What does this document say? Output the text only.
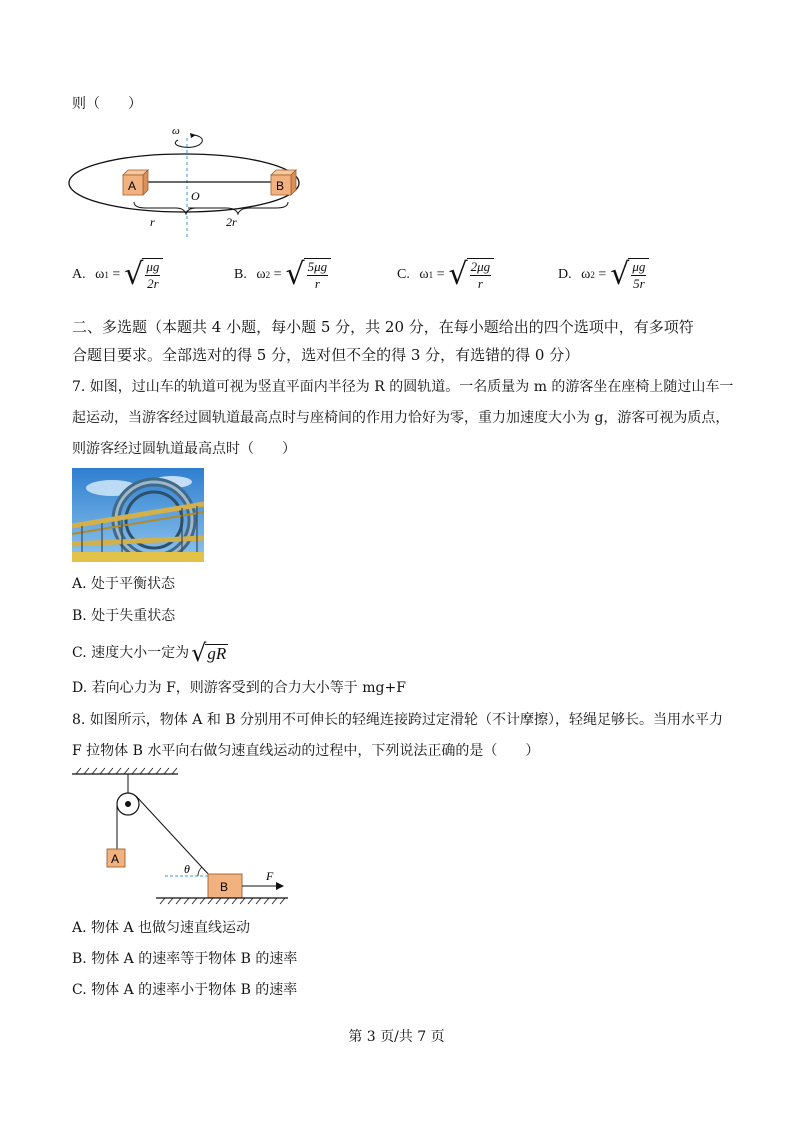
则（　　）
ω
A	B
O
r	2r
A.
ω 1 = √ $\frac{\mu g}{2r}$	B.
ω 2 = √ $\frac{5\mu g}{r}$	C.
ω 1 = √ $\frac{2\mu g}{r}$	D.
ω 2 = √ $\frac{\mu g}{5r}$
二、多选题（本题共 4 小题，每小题 5 分，共 20 分，在每小题给出的四个选项中，有多项符
合题目要求。全部选对的得 5 分，选对但不全的得 3 分，有选错的得 0 分）
7. 如图，过山车的轨道可视为竖直平面内半径为 R 的圆轨道。一名质量为 m 的游客坐在座椅上随过山车一
起运动，当游客经过圆轨道最高点时与座椅间的作用力恰好为零，重力加速度大小为 g，游客可视为质点，
则游客经过圆轨道最高点时（　　）
A. 处于平衡状态
B. 处于失重状态
C. 速度大小一定为 √ gR
D. 若向心力为 F，则游客受到的合力大小等于 mg+F
8. 如图所示，物体 A 和 B 分别用不可伸长的轻绳连接跨过定滑轮（不计摩擦），轻绳足够长。当用水平力
F 拉物体 B 水平向右做匀速直线运动的过程中，下列说法正确的是（　　）
A
θ
B
F
A. 物体 A 也做匀速直线运动
B. 物体 A 的速率等于物体 B 的速率
C. 物体 A 的速率小于物体 B 的速率
第 3 页/共 7 页
